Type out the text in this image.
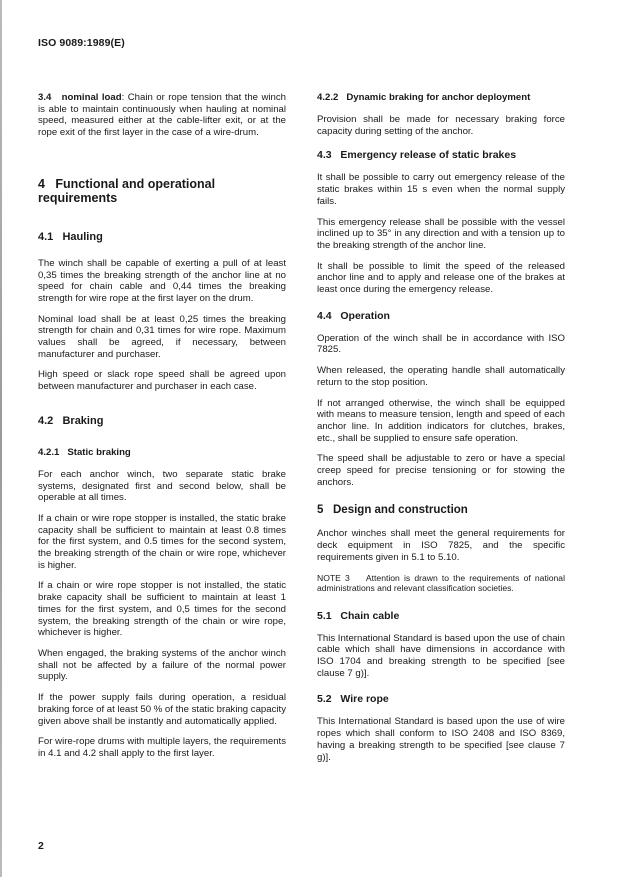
ISO 9089:1989(E)

3.4 nominal load: Chain or rope tension that the winch is able to maintain continuously when hauling at nominal speed, measured either at the cable-lifter exit, or at the rope exit of the first layer in the case of a wire-drum.

4 Functional and operational requirements
4.1 Hauling

The winch shall be capable of exerting a pull of at least 0,35 times the breaking strength of the anchor line at no speed for chain cable and 0,44 times the breaking strength for wire rope at the first layer on the drum.

Nominal load shall be at least 0,25 times the breaking strength for chain and 0,31 times for wire rope. Maximum values shall be agreed, if necessary, between manufacturer and purchaser.

High speed or slack rope speed shall be agreed upon between manufacturer and purchaser in each case.

4.2 Braking
4.2.1 Static braking

For each anchor winch, two separate static brake systems, designated first and second below, shall be operable at all times.

If a chain or wire rope stopper is installed, the static brake capacity shall be sufficient to maintain at least 0.8 times for the first system, and 0.5 times for the second system, the breaking strength of the chain or wire rope, whichever is higher.

If a chain or wire rope stopper is not installed, the static brake capacity shall be sufficient to maintain at least 1 times for the first system, and 0,5 times for the second system, the breaking strength of the chain or wire rope, whichever is higher.

When engaged, the braking systems of the anchor winch shall not be affected by a failure of the normal power supply.

If the power supply fails during operation, a residual braking force of at least 50 % of the static braking capacity given above shall be instantly and automatically applied.

For wire-rope drums with multiple layers, the requirements in 4.1 and 4.2 shall apply to the first layer.

4.2.2 Dynamic braking for anchor deployment

Provision shall be made for necessary braking force capacity during setting of the anchor.

4.3 Emergency release of static brakes

It shall be possible to carry out emergency release of the static brakes within 15 s even when the normal supply fails.

This emergency release shall be possible with the vessel inclined up to 35° in any direction and with a tension up to the breaking strength of the anchor line.

It shall be possible to limit the speed of the released anchor line and to apply and release one of the brakes at least once during the emergency release.

4.4 Operation

Operation of the winch shall be in accordance with ISO 7825.

When released, the operating handle shall automatically return to the stop position.

If not arranged otherwise, the winch shall be equipped with means to measure tension, length and speed of each anchor line. In addition indicators for clutches, brakes, etc., shall be supplied to ensure safe operation.

The speed shall be adjustable to zero or have a special creep speed for precise tensioning or for stowing the anchors.

5 Design and construction

Anchor winches shall meet the general requirements for deck equipment in ISO 7825, and the specific requirements given in 5.1 to 5.10.

NOTE 3    Attention is drawn to the requirements of national administrations and relevant classification societies.

5.1 Chain cable

This International Standard is based upon the use of chain cable which shall have dimensions in accordance with ISO 1704 and breaking strength to be specified [see clause 7 g)].

5.2 Wire rope

This International Standard is based upon the use of wire ropes which shall conform to ISO 2408 and ISO 8369, having a breaking strength to be specified [see clause 7 g)].

2
